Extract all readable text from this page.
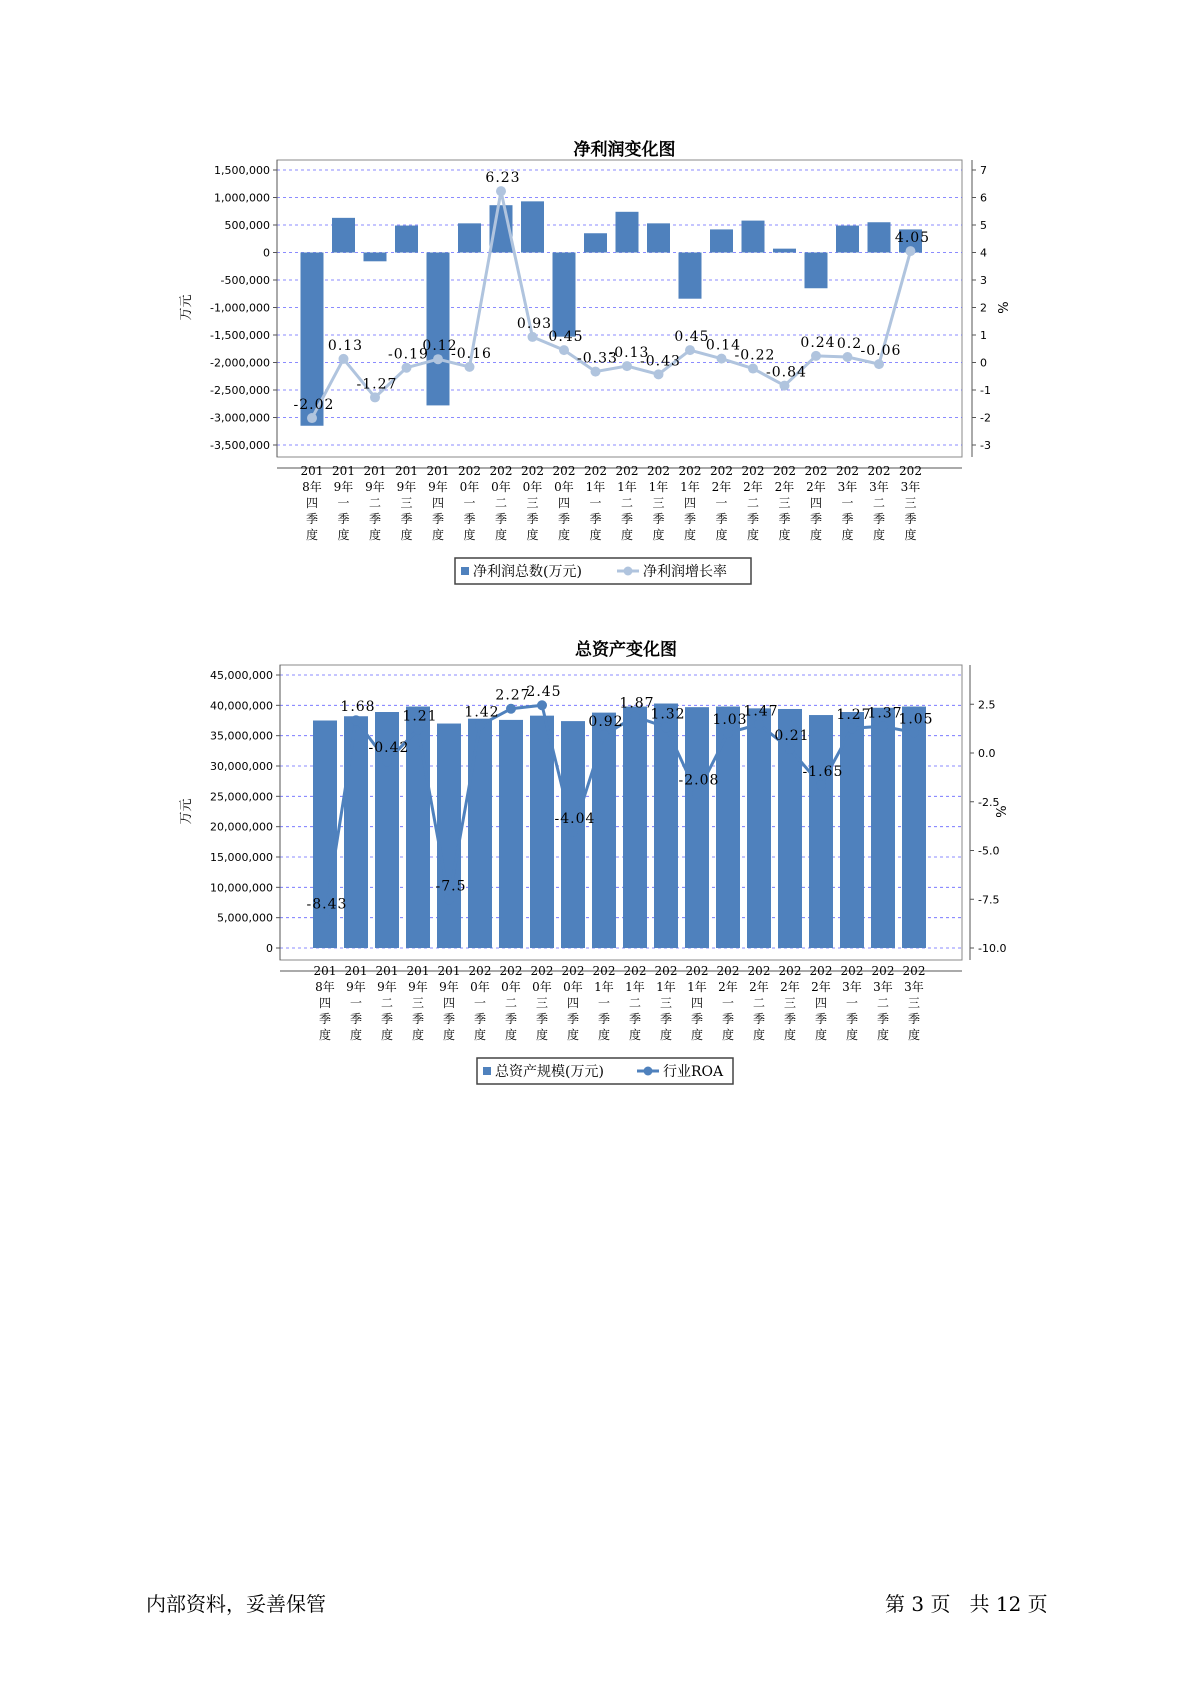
净利润变化图
1,500,000
1,000,000
500,000
0
-500,000
-1,000,000
-1,500,000
-2,000,000
-2,500,000
-3,000,000
-3,500,000
万元
7
6
5
4
3
2
1
0
-1
-2
-3
%
-2.02
0.13
-1.27
-0.19
0.12
-0.16
6.23
0.93
0.45
-0.33
-0.13
-0.43
0.45
0.14
-0.22
-0.84
0.24 0.2
-0.06
4.05
201
8年
四
季
度
201
9年
一
季
度
201
9年
二
季
度
201
9年
三
季
度
201
9年
四
季
度
202
0年
一
季
度
202
0年
二
季
度
202
0年
三
季
度
202
0年
四
季
度
202
1年
一
季
度
202
1年
二
季
度
202
1年
三
季
度
202
1年
四
季
度
202
2年
一
季
度
202
2年
二
季
度
202
2年
三
季
度
202
2年
四
季
度
202
3年
一
季
度
202
3年
二
季
度
202
3年
三
季
度
净利润总数(万元)	净利润增长率
总资产变化图
45,000,000
40,000,000
35,000,000
30,000,000
25,000,000
20,000,000
15,000,000
10,000,000
5,000,000
0
万元
2.5
0.0
-2.5
-5.0
-7.5
-10.0
%
-8.43
1.68
-0.42
1.21
-7.5
1.42
2.27
2.45
-4.04
0.92
1.87
1.32
-2.08
1.03
1.47
0.21
-1.65
1.27
1.37
1.05
201
8年
四
季
度
201
9年
一
季
度
201
9年
二
季
度
201
9年
三
季
度
201
9年
四
季
度
202
0年
一
季
度
202
0年
二
季
度
202
0年
三
季
度
202
0年
四
季
度
202
1年
一
季
度
202
1年
二
季
度
202
1年
三
季
度
202
1年
四
季
度
202
2年
一
季
度
202
2年
二
季
度
202
2年
三
季
度
202
2年
四
季
度
202
3年
一
季
度
202
3年
二
季
度
202
3年
三
季
度
总资产规模(万元)	行业ROA
内部资料，妥善保管	第 3 页   共 12 页
